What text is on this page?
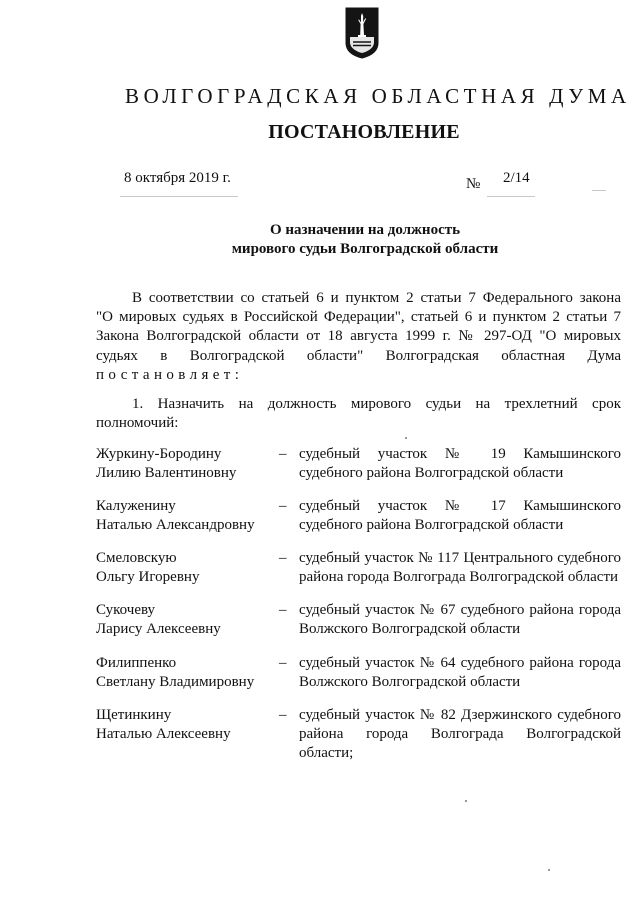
ВОЛГОГРАДСКАЯ ОБЛАСТНАЯ ДУМА
ПОСТАНОВЛЕНИЕ
8 октября 2019 г.	№ 2/14
О назначении на должность
мирового судьи Волгоградской области
В соответствии со статьей 6 и пунктом 2 статьи 7 Федерального закона
"О мировых судьях в Российской Федерации", статьей 6 и пунктом 2 статьи 7
Закона Волгоградской области от 18 августа 1999 г. № 297-ОД "О мировых
судьях в Волгоградской области" Волгоградская областная Дума
постановляет:
1. Назначить на должность мирового судьи на трехлетний срок
полномочий:
Журкину-Бородину
Лилию Валентиновну
– судебный участок № 19 Камышинского
судебного района Волгоградской области
Калуженину
Наталью Александровну
– судебный участок № 17 Камышинского
судебного района Волгоградской области
Смеловскую
Ольгу Игоревну
– судебный участок № 117 Центрального судебного
района города Волгограда Волгоградской области
Сукочеву
Ларису Алексеевну
– судебный участок № 67 судебного района города
Волжского Волгоградской области
Филиппенко
Светлану Владимировну
– судебный участок № 64 судебного района города
Волжского Волгоградской области
Щетинкину
Наталью Алексеевну
– судебный участок № 82 Дзержинского судебного
района города Волгограда Волгоградской
области;
